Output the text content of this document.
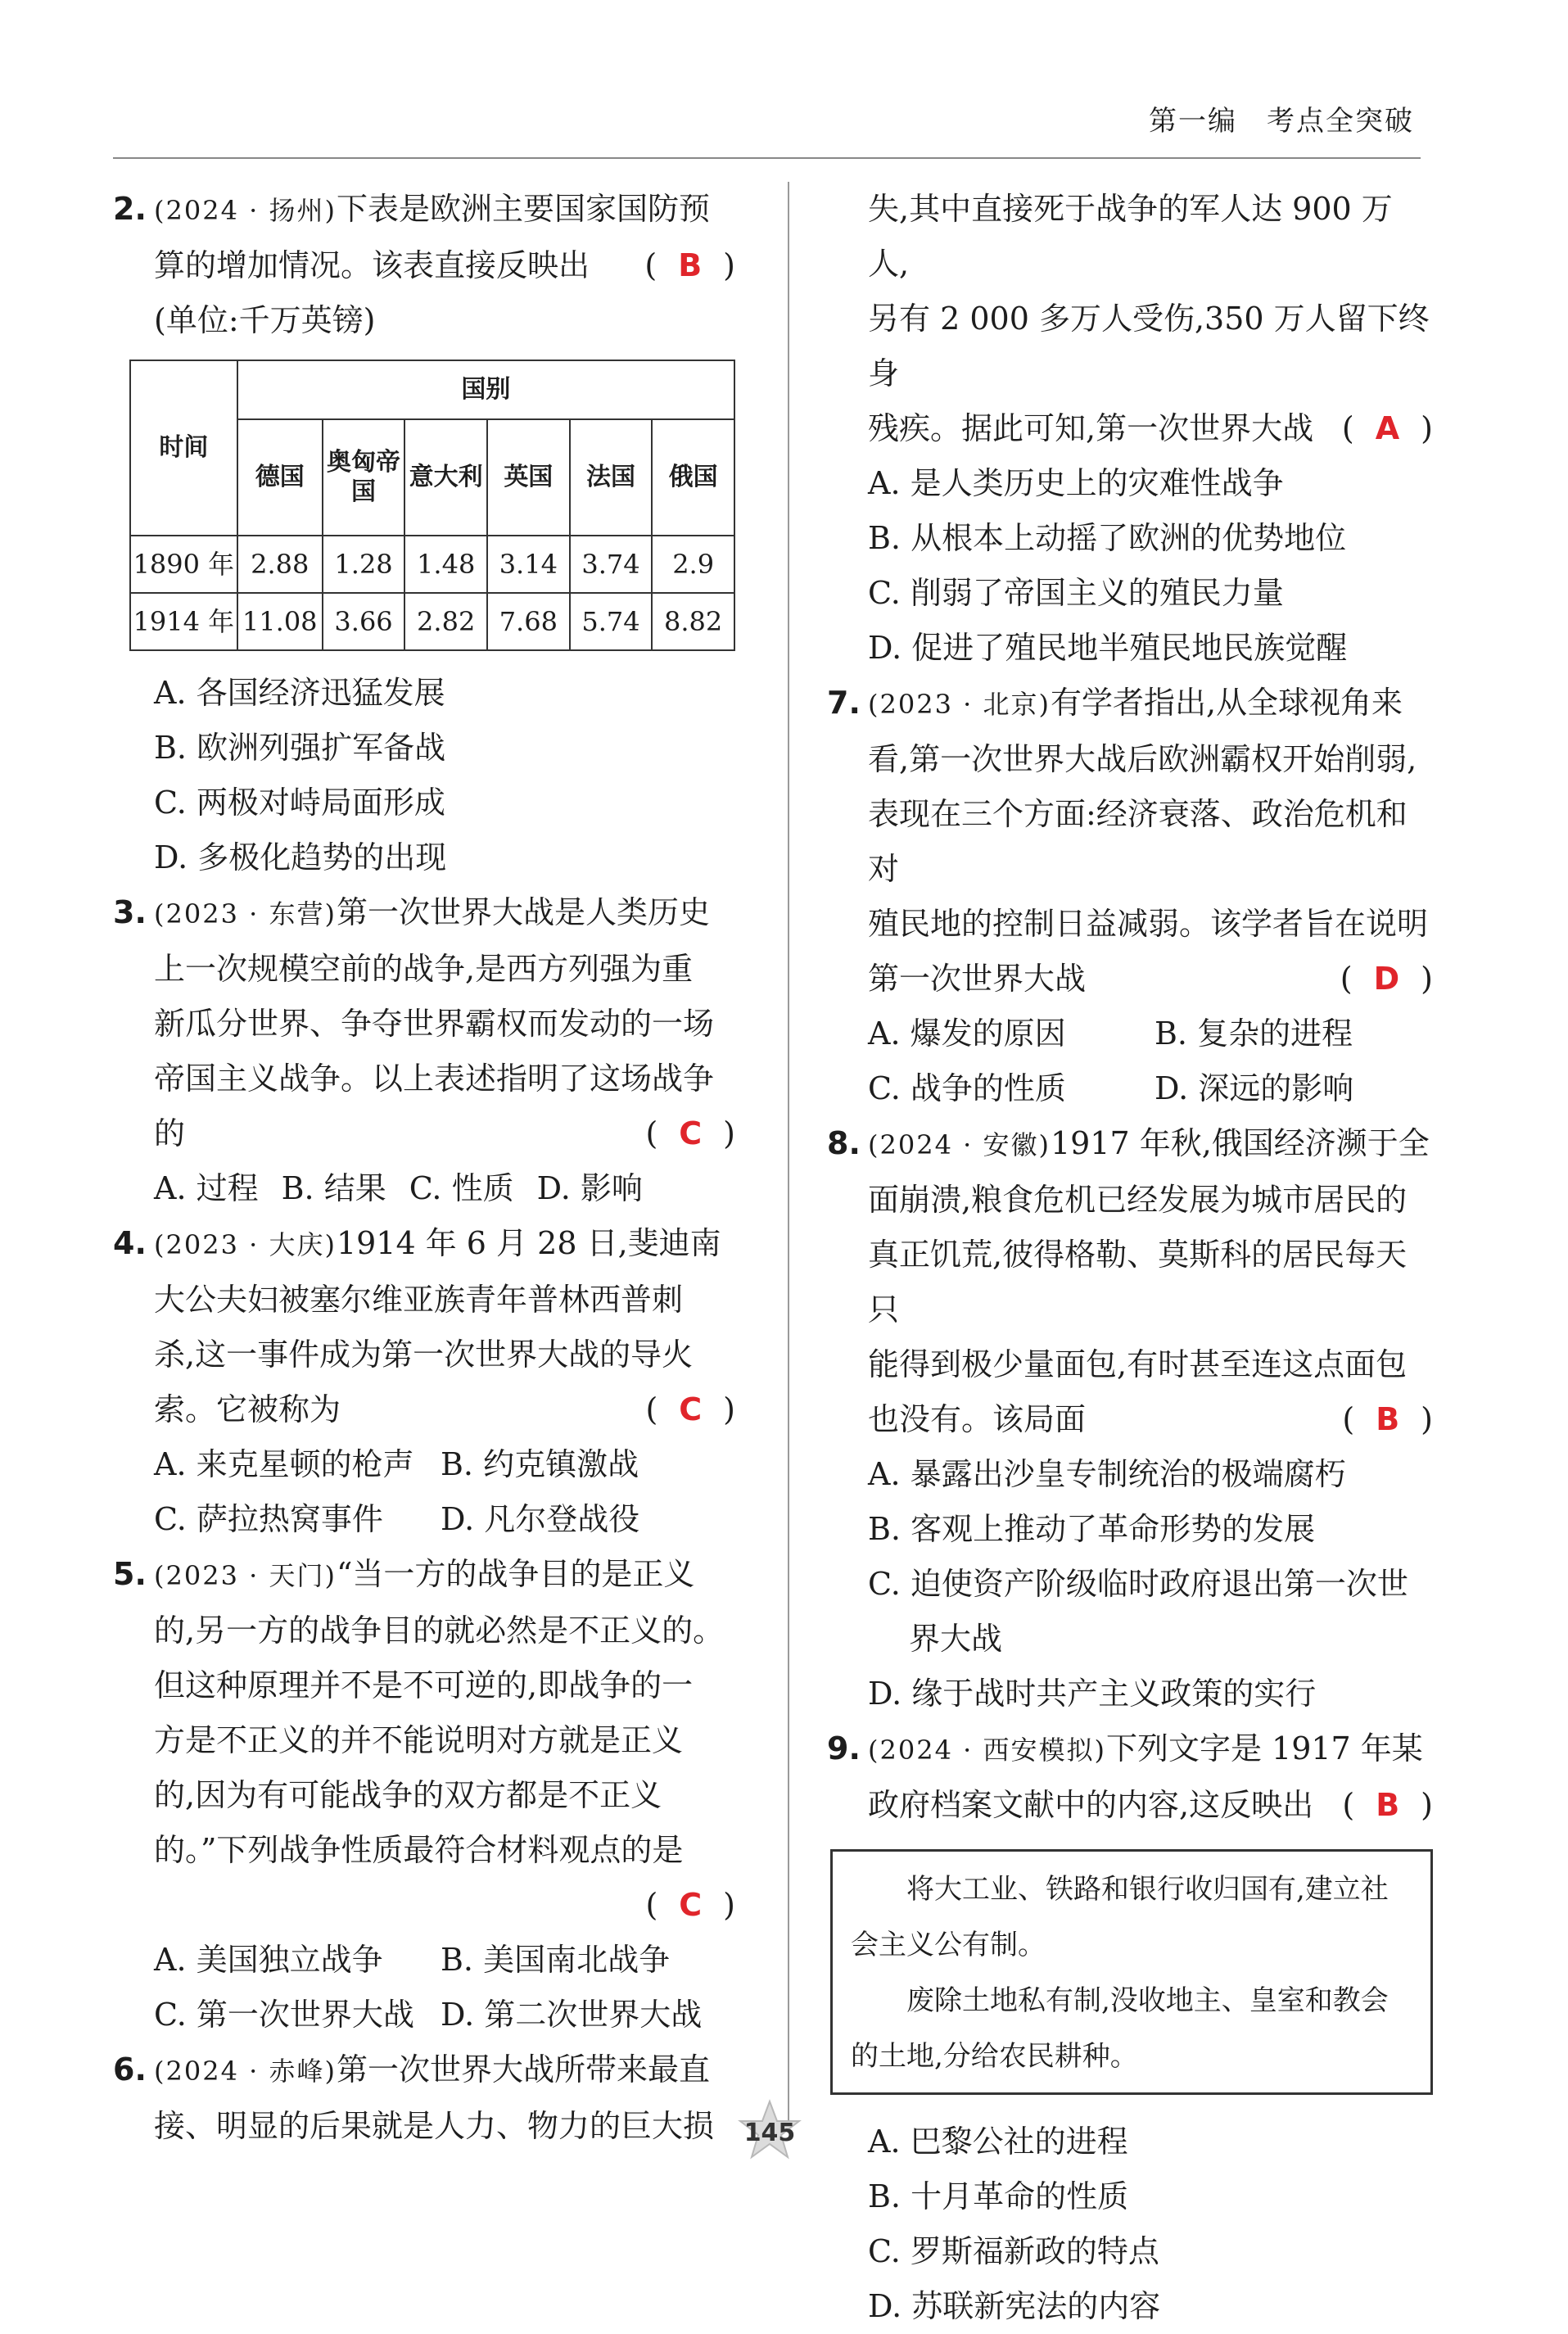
第一编 考点全突破
2. (2024 · 扬州)下表是欧洲主要国家国防预
算的增加情况。该表直接反映出 ( B )
(单位:千万英镑)
时间	国别					
	德国	奥匈帝国	意大利	英国	法国	俄国
1890 年	2.88	1.28	1.48	3.14	3.74	2.9
1914 年	11.08	3.66	2.82	7.68	5.74	8.82
A. 各国经济迅猛发展
B. 欧洲列强扩军备战
C. 两极对峙局面形成
D. 多极化趋势的出现
3. (2023 · 东营)第一次世界大战是人类历史
上一次规模空前的战争,是西方列强为重
新瓜分世界、争夺世界霸权而发动的一场
帝国主义战争。以上表述指明了这场战争
的	( C )
A. 过程 B. 结果 C. 性质 D. 影响
4. (2023 · 大庆)1914 年 6 月 28 日,斐迪南
大公夫妇被塞尔维亚族青年普林西普刺
杀,这一事件成为第一次世界大战的导火
索。它被称为	( C )
A. 来克星顿的枪声 B. 约克镇激战
C. 萨拉热窝事件	D. 凡尔登战役
5. (2023 · 天门)“当一方的战争目的是正义
的,另一方的战争目的就必然是不正义的。
但这种原理并不是不可逆的,即战争的一
方是不正义的并不能说明对方就是正义
的,因为有可能战争的双方都是不正义
的。”下列战争性质最符合材料观点的是
( C )
A. 美国独立战争	B. 美国南北战争
C. 第一次世界大战 D. 第二次世界大战
6. (2024 · 赤峰)第一次世界大战所带来最直
接、明显的后果就是人力、物力的巨大损
失,其中直接死于战争的军人达 900 万人,
另有 2 000 多万人受伤,350 万人留下终身
残疾。据此可知,第一次世界大战 ( A )
A. 是人类历史上的灾难性战争
B. 从根本上动摇了欧洲的优势地位
C. 削弱了帝国主义的殖民力量
D. 促进了殖民地半殖民地民族觉醒
7. (2023 · 北京)有学者指出,从全球视角来
看,第一次世界大战后欧洲霸权开始削弱,
表现在三个方面:经济衰落、政治危机和对
殖民地的控制日益减弱。该学者旨在说明
第一次世界大战	( D )
A. 爆发的原因	B. 复杂的进程
C. 战争的性质	D. 深远的影响
8. (2024 · 安徽)1917 年秋,俄国经济濒于全
面崩溃,粮食危机已经发展为城市居民的
真正饥荒,彼得格勒、莫斯科的居民每天只
能得到极少量面包,有时甚至连这点面包
也没有。该局面	( B )
A. 暴露出沙皇专制统治的极端腐朽
B. 客观上推动了革命形势的发展
C. 迫使资产阶级临时政府退出第一次世
界大战
D. 缘于战时共产主义政策的实行
9. (2024 · 西安模拟)下列文字是 1917 年某
政府档案文献中的内容,这反映出 ( B )

将大工业、铁路和银行收归国有,建立社会主义公有制。

废除土地私有制,没收地主、皇室和教会的土地,分给农民耕种。

A. 巴黎公社的进程
B. 十月革命的性质
C. 罗斯福新政的特点
D. 苏联新宪法的内容
145
